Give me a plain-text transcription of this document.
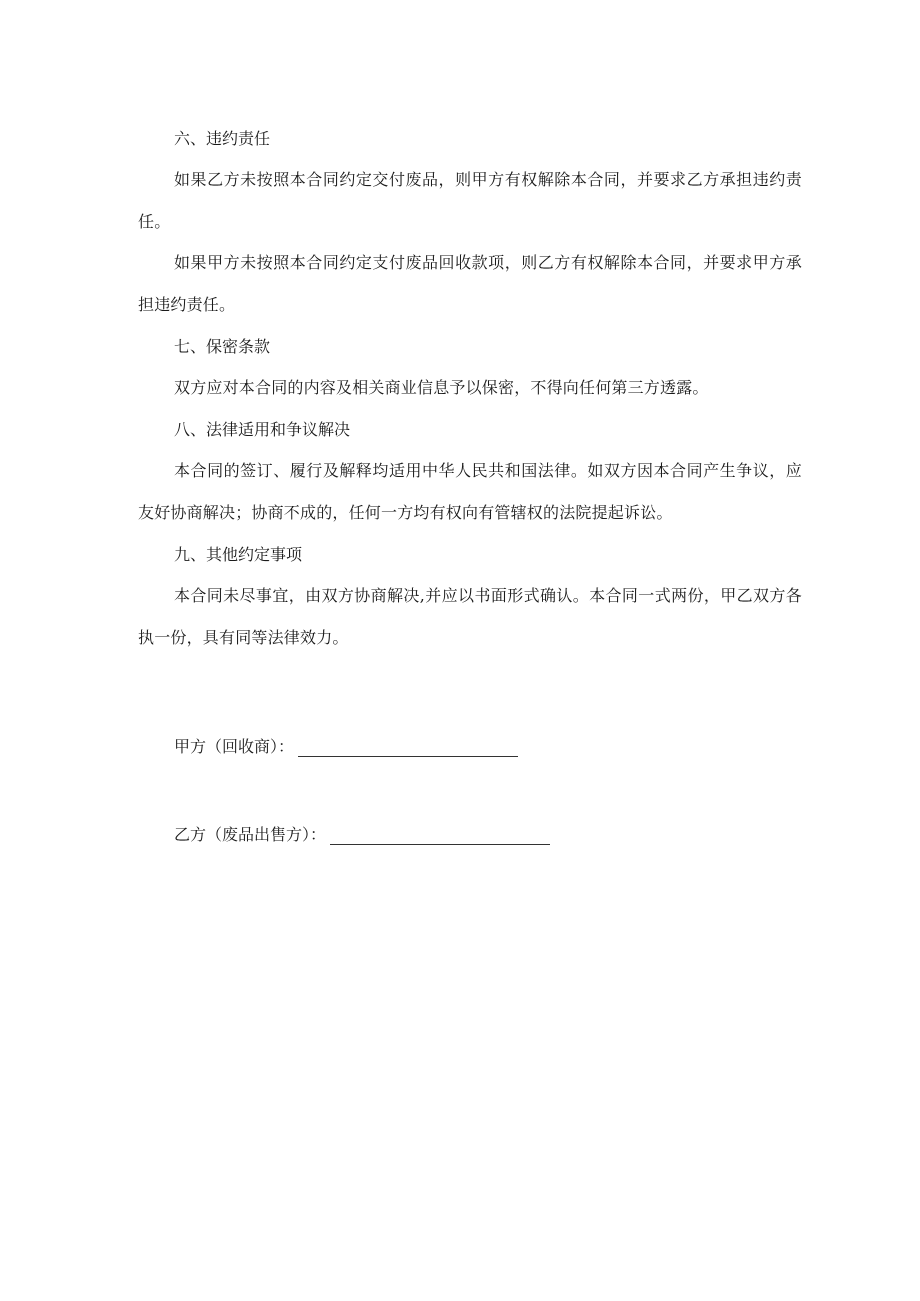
六、违约责任

如果乙方未按照本合同约定交付废品，则甲方有权解除本合同，并要求乙方承担违约责任。

如果甲方未按照本合同约定支付废品回收款项，则乙方有权解除本合同，并要求甲方承担违约责任。

七、保密条款

双方应对本合同的内容及相关商业信息予以保密，不得向任何第三方透露。

八、法律适用和争议解决

本合同的签订、履行及解释均适用中华人民共和国法律。如双方因本合同产生争议，应友好协商解决；协商不成的，任何一方均有权向有管辖权的法院提起诉讼。

九、其他约定事项

本合同未尽事宜，由双方协商解决,并应以书面形式确认。本合同一式两份，甲乙双方各执一份，具有同等法律效力。

甲方（回收商）：
乙方（废品出售方）：
